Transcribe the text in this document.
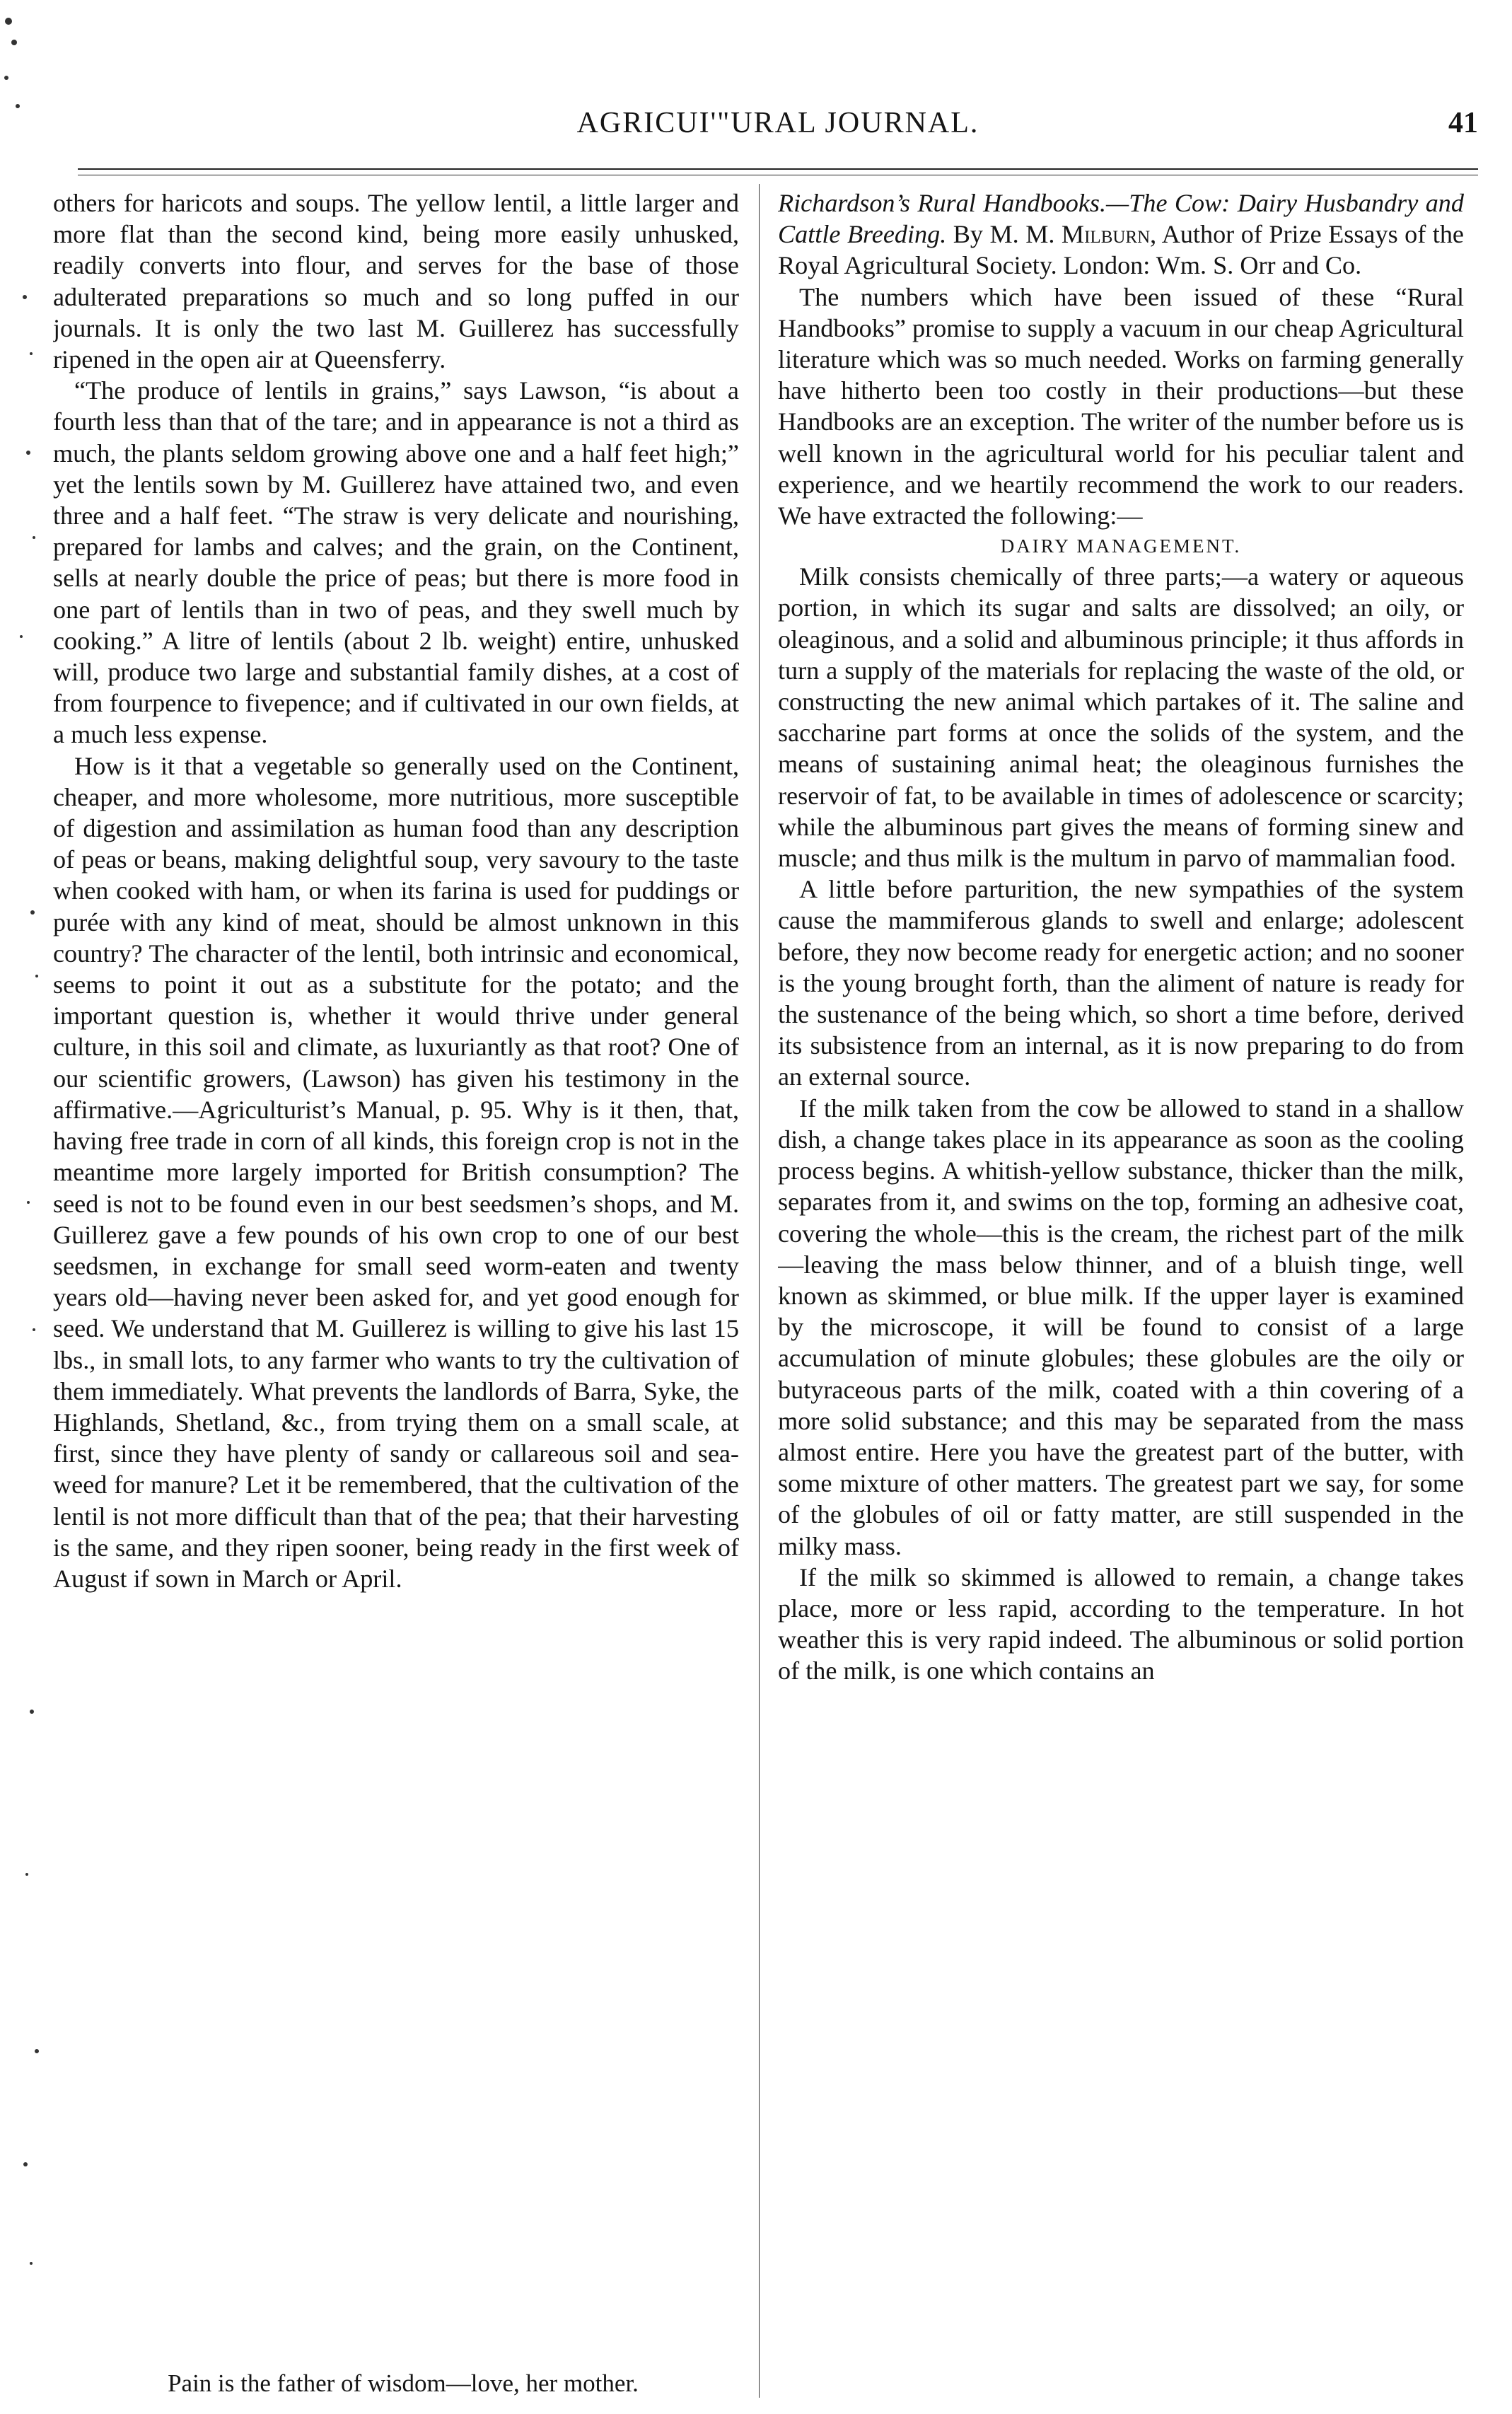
AGRICUI'"URAL JOURNAL.	41

others for haricots and soups. The yellow lentil, a little larger and more flat than the second kind, being more easily unhusked, readily converts into flour, and serves for the base of those adulterated preparations so much and so long puffed in our journals. It is only the two last M. Guillerez has successfully ripened in the open air at Queensferry.

“The produce of lentils in grains,” says Lawson, “is about a fourth less than that of the tare; and in appearance is not a third as much, the plants seldom growing above one and a half feet high;” yet the lentils sown by M. Guillerez have attained two, and even three and a half feet. “The straw is very delicate and nourishing, prepared for lambs and calves; and the grain, on the Continent, sells at nearly double the price of peas; but there is more food in one part of lentils than in two of peas, and they swell much by cooking.” A litre of lentils (about 2 lb. weight) entire, unhusked will, produce two large and substantial family dishes, at a cost of from fourpence to fivepence; and if cultivated in our own fields, at a much less expense.

How is it that a vegetable so generally used on the Continent, cheaper, and more wholesome, more nutritious, more susceptible of digestion and assimilation as human food than any description of peas or beans, making delightful soup, very savoury to the taste when cooked with ham, or when its farina is used for puddings or purée with any kind of meat, should be almost unknown in this country? The character of the lentil, both intrinsic and economical, seems to point it out as a substitute for the potato; and the important question is, whether it would thrive under general culture, in this soil and climate, as luxuriantly as that root? One of our scientific growers, (Lawson) has given his testimony in the affirmative.—Agriculturist’s Manual, p. 95. Why is it then, that, having free trade in corn of all kinds, this foreign crop is not in the meantime more largely imported for British consumption? The seed is not to be found even in our best seedsmen’s shops, and M. Guillerez gave a few pounds of his own crop to one of our best seedsmen, in exchange for small seed worm-eaten and twenty years old—having never been asked for, and yet good enough for seed. We understand that M. Guillerez is willing to give his last 15 lbs., in small lots, to any farmer who wants to try the cultivation of them immediately. What prevents the landlords of Barra, Syke, the Highlands, Shetland, &c., from trying them on a small scale, at first, since they have plenty of sandy or callareous soil and sea-weed for manure? Let it be remembered, that the cultivation of the lentil is not more difficult than that of the pea; that their harvesting is the same, and they ripen sooner, being ready in the first week of August if sown in March or April.

Richardson’s Rural Handbooks.—The Cow: Dairy Husbandry and Cattle Breeding. By M. M. Milburn, Author of Prize Essays of the Royal Agricultural Society. London: Wm. S. Orr and Co.

The numbers which have been issued of these “Rural Handbooks” promise to supply a vacuum in our cheap Agricultural literature which was so much needed. Works on farming generally have hitherto been too costly in their productions—but these Handbooks are an exception. The writer of the number before us is well known in the agricultural world for his peculiar talent and experience, and we heartily recommend the work to our readers. We have extracted the following:—

DAIRY MANAGEMENT.

Milk consists chemically of three parts;—a watery or aqueous portion, in which its sugar and salts are dissolved; an oily, or oleaginous, and a solid and albuminous principle; it thus affords in turn a supply of the materials for replacing the waste of the old, or constructing the new animal which partakes of it. The saline and saccharine part forms at once the solids of the system, and the means of sustaining animal heat; the oleaginous furnishes the reservoir of fat, to be available in times of adolescence or scarcity; while the albuminous part gives the means of forming sinew and muscle; and thus milk is the multum in parvo of mammalian food.

A little before parturition, the new sympathies of the system cause the mammiferous glands to swell and enlarge; adolescent before, they now become ready for energetic action; and no sooner is the young brought forth, than the aliment of nature is ready for the sustenance of the being which, so short a time before, derived its subsistence from an internal, as it is now preparing to do from an external source.

If the milk taken from the cow be allowed to stand in a shallow dish, a change takes place in its appearance as soon as the cooling process begins. A whitish-yellow substance, thicker than the milk, separates from it, and swims on the top, forming an adhesive coat, covering the whole—this is the cream, the richest part of the milk—leaving the mass below thinner, and of a bluish tinge, well known as skimmed, or blue milk. If the upper layer is examined by the microscope, it will be found to consist of a large accumulation of minute globules; these globules are the oily or butyraceous parts of the milk, coated with a thin covering of a more solid substance; and this may be separated from the mass almost entire. Here you have the greatest part of the butter, with some mixture of other matters. The greatest part we say, for some of the globules of oil or fatty matter, are still suspended in the milky mass.

If the milk so skimmed is allowed to remain, a change takes place, more or less rapid, according to the temperature. In hot weather this is very rapid indeed. The albuminous or solid portion of the milk, is one which contains an

Pain is the father of wisdom—love, her mother.
